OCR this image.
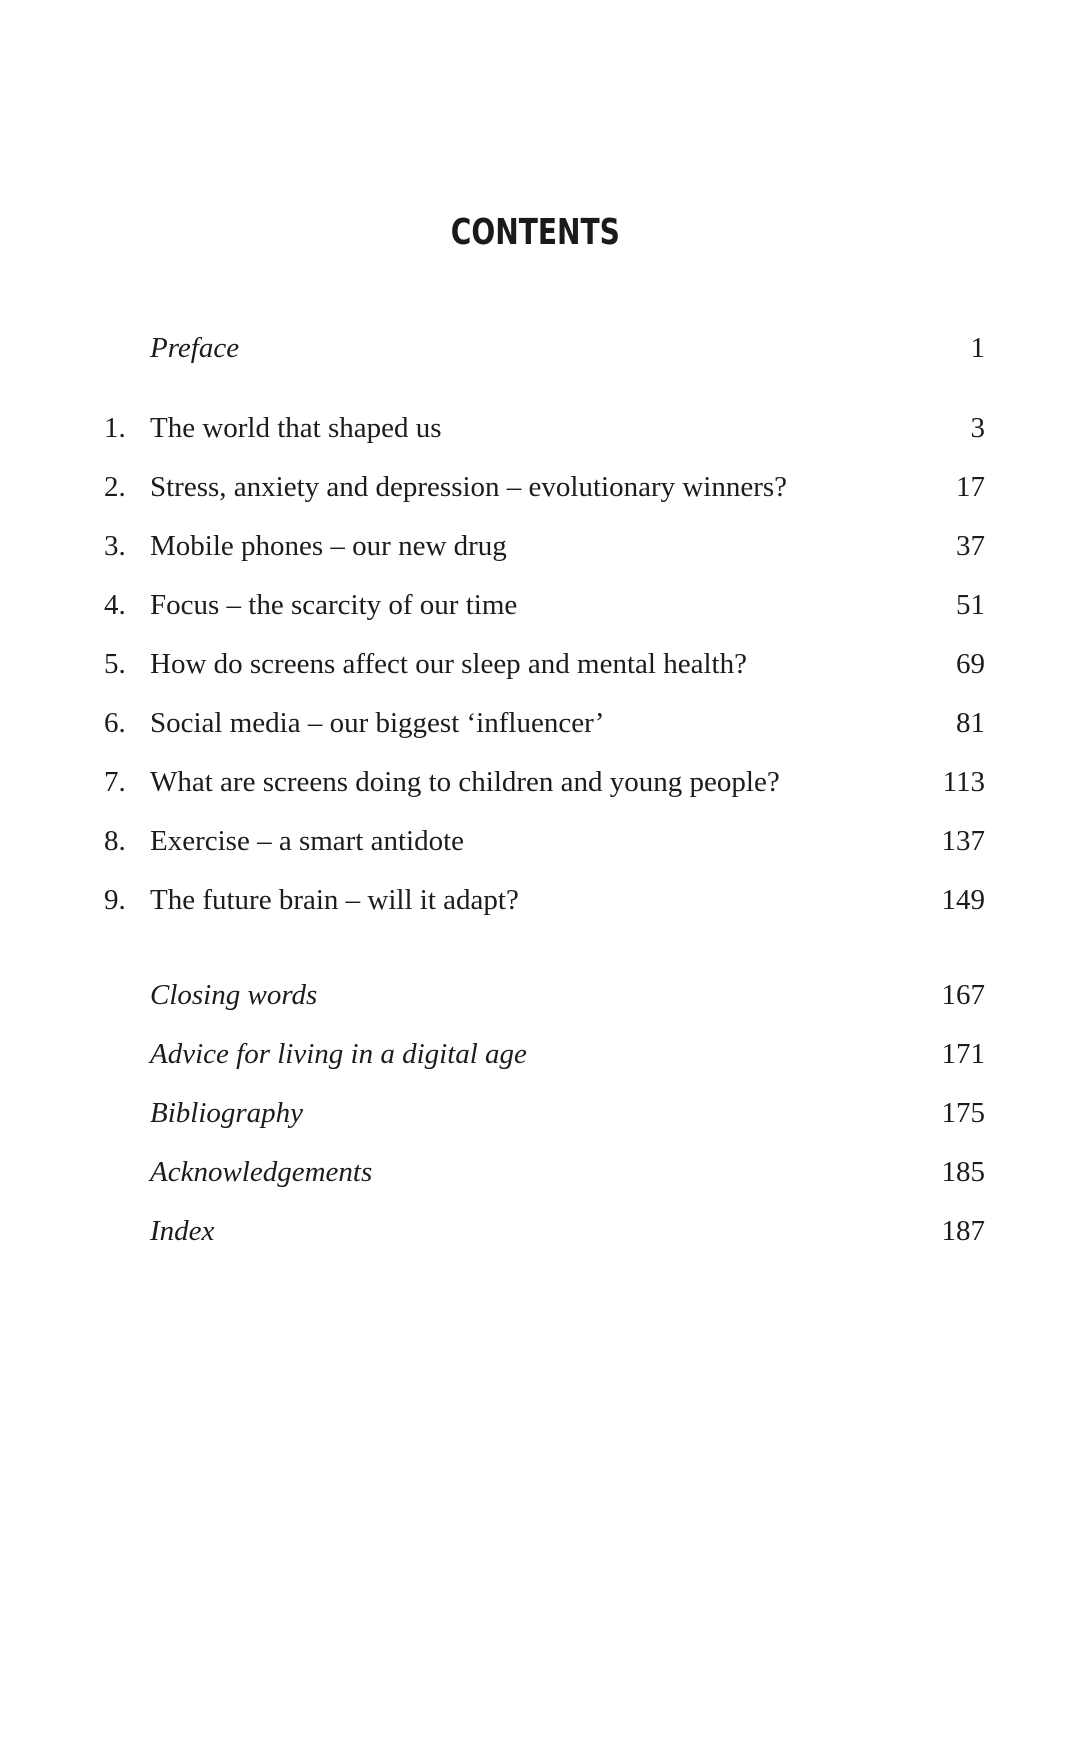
CONTENTS
Preface	1
1. The world that shaped us	3
2. Stress, anxiety and depression – evolutionary winners?	17
3. Mobile phones – our new drug	37
4. Focus – the scarcity of our time	51
5. How do screens affect our sleep and mental health?	69
6. Social media – our biggest ‘influencer’	81
7. What are screens doing to children and young people?	113
8. Exercise – a smart antidote	137
9. The future brain – will it adapt?	149
Closing words	167
Advice for living in a digital age	171
Bibliography	175
Acknowledgements	185
Index	187
